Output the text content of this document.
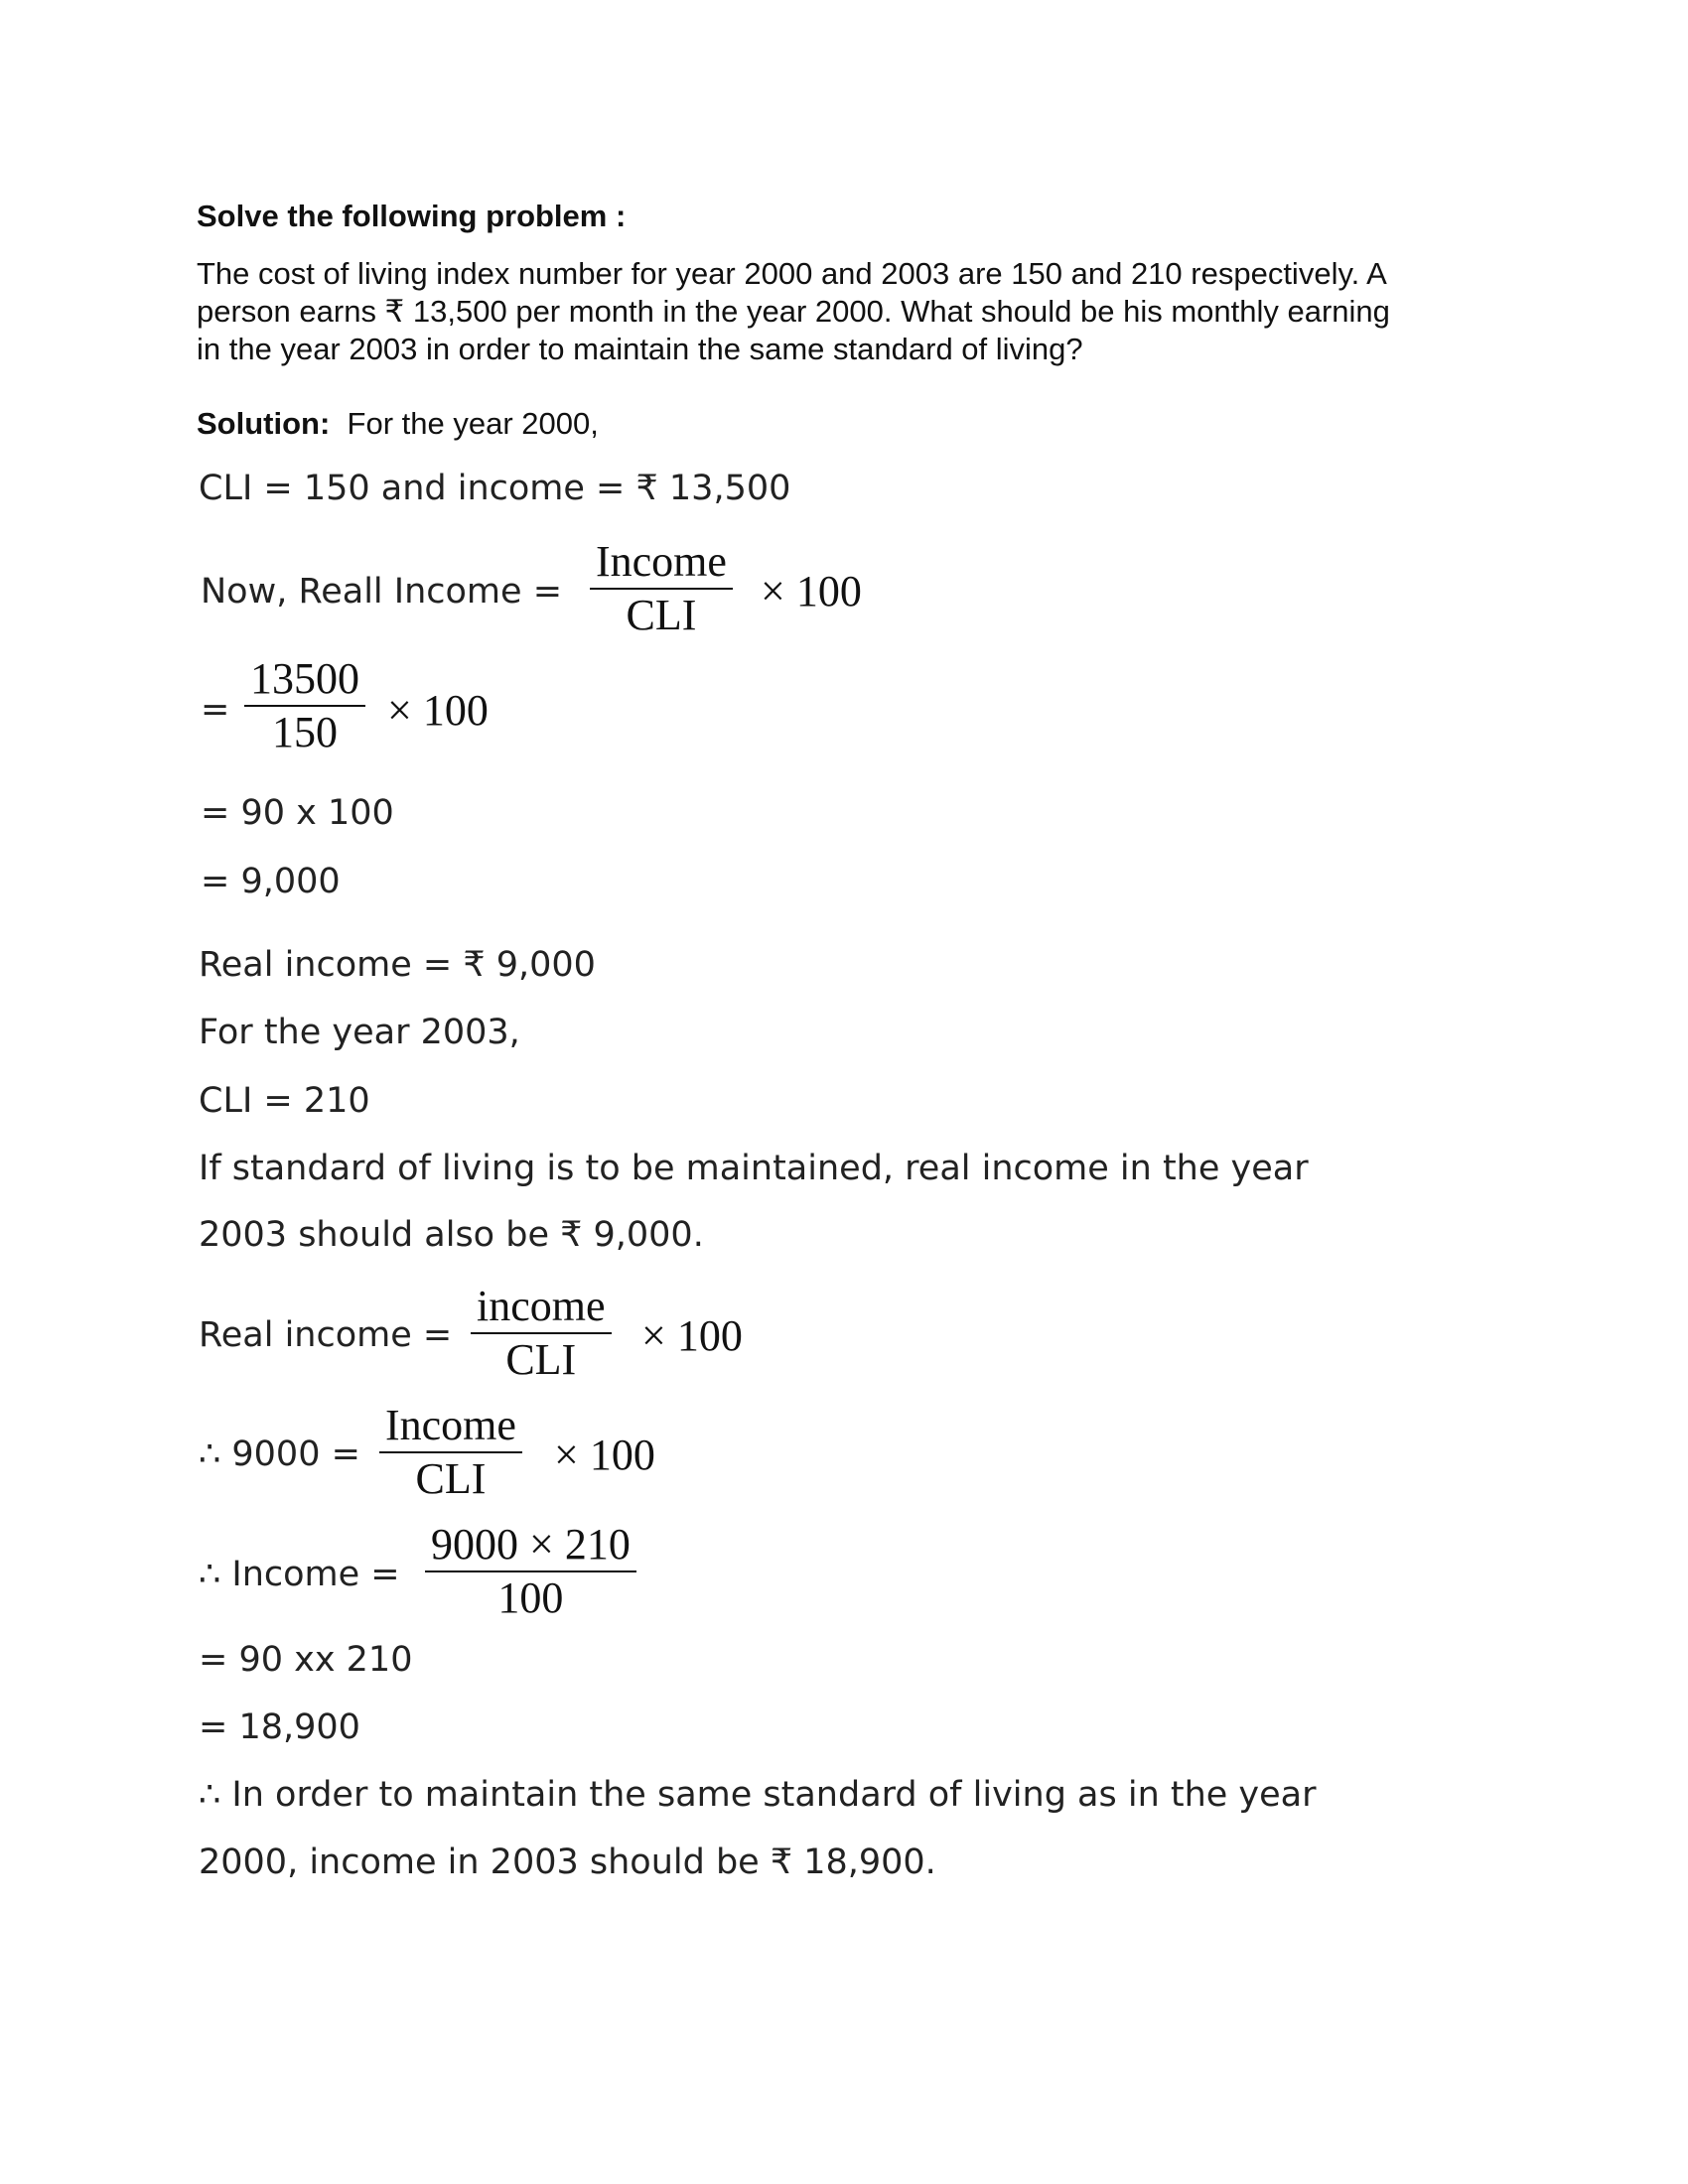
Solve the following problem :
The cost of living index number for year 2000 and 2003 are 150 and 210 respectively. A
person earns ₹ 13,500 per month in the year 2000. What should be his monthly earning
in the year 2003 in order to maintain the same standard of living?
Solution: For the year 2000,
CLI = 150 and income = ₹ 13,500
Now, Reall Income =
Income
CLI × 100
=
13500
150 × 100
= 90 x 100
= 9,000
Real income = ₹ 9,000
For the year 2003,
CLI = 210
If standard of living is to be maintained, real income in the year
2003 should also be ₹ 9,000.
Real income =
income
CLI × 100
∴ 9000 =
Income
CLI × 100
∴ Income =
9000 × 210
100
= 90 xx 210
= 18,900
∴ In order to maintain the same standard of living as in the year
2000, income in 2003 should be ₹ 18,900.
